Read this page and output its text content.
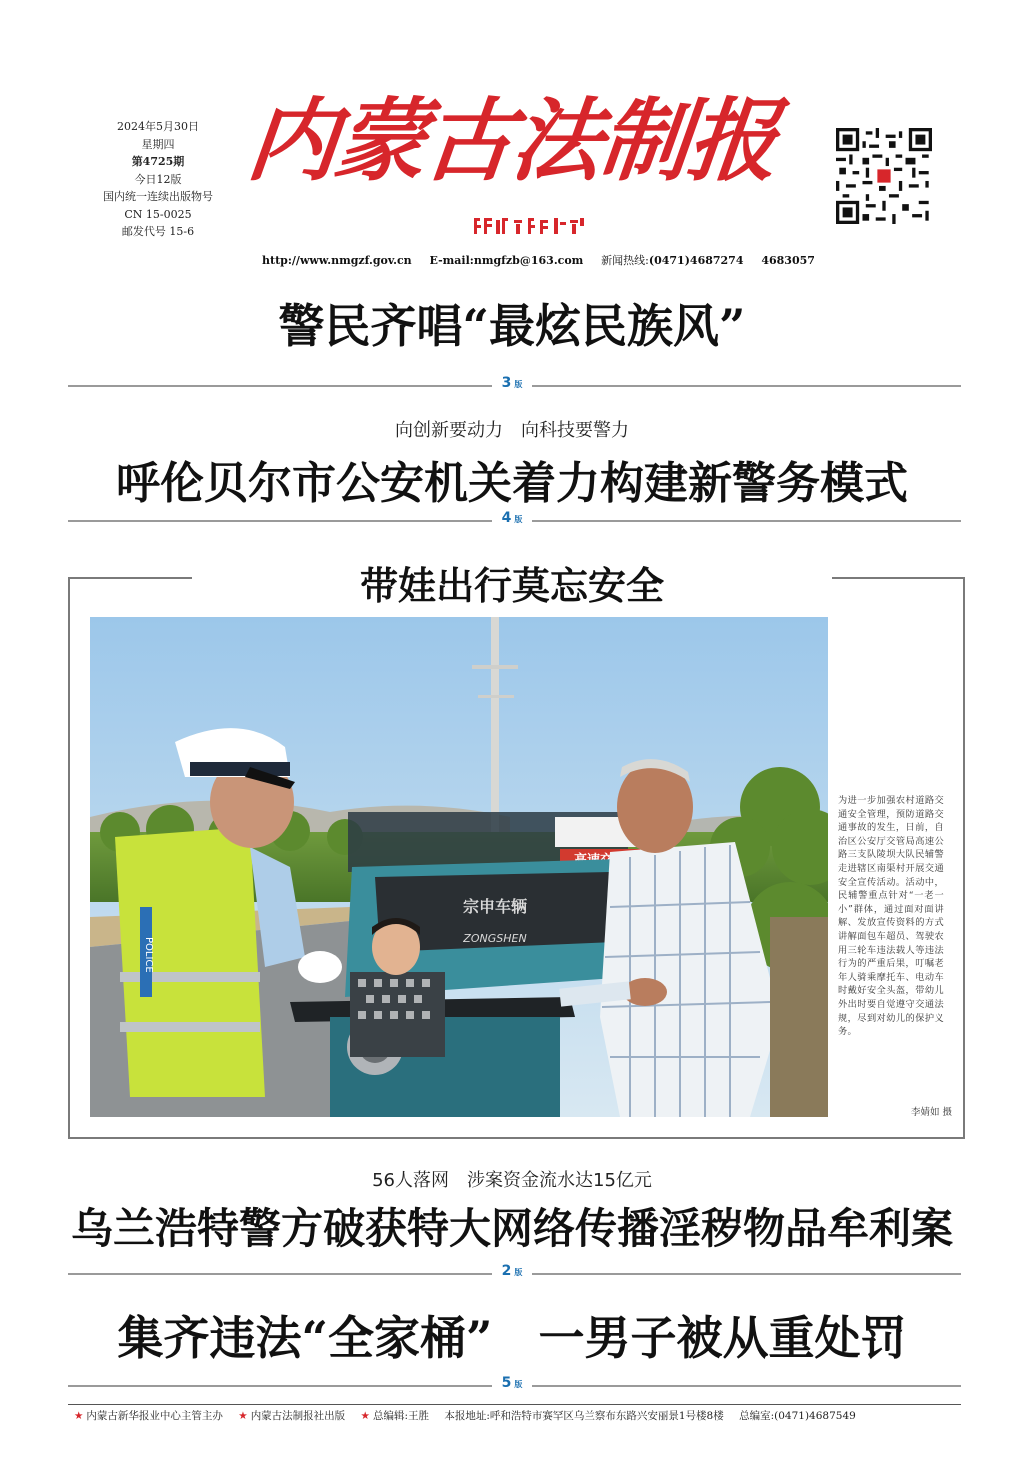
2024年5月30日
星期四
第4725期
今日12版
国内统一连续出版物号
CN 15-0025
邮发代号 15-6
内蒙古法制报
http://www.nmgzf.gov.cn E-mail:nmgfzb@163.com 新闻热线:(0471)4687274 4683057
警民齐唱“最炫民族风”
3 版
向创新要动力　向科技要警力
呼伦贝尔市公安机关着力构建新警务模式
4 版
带娃出行莫忘安全
宗申车辆
ZONGSHEN
POLICE
为进一步加强农村道路交通安全管理，预防道路交通事故的发生，日前，自治区公安厅交管局高速公路三支队陵坝大队民辅警走进辖区南渠村开展交通安全宣传活动。活动中，民辅警重点针对“一老一小”群体，通过面对面讲解、发放宣传资料的方式讲解面包车超员、驾驶农用三轮车违法载人等违法行为的严重后果，叮嘱老年人骑乘摩托车、电动车时戴好安全头盔，带幼儿外出时要自觉遵守交通法规，尽到对幼儿的保护义务。
李婧如 摄
56人落网　涉案资金流水达15亿元
乌兰浩特警方破获特大网络传播淫秽物品牟利案
2 版
集齐违法“全家桶”　一男子被从重处罚
5 版
★ 内蒙古新华报业中心主管主办 ★ 内蒙古法制报社出版 ★ 总编辑:王胜 本报地址:呼和浩特市赛罕区乌兰察布东路兴安丽景1号楼8楼 总编室:(0471)4687549
